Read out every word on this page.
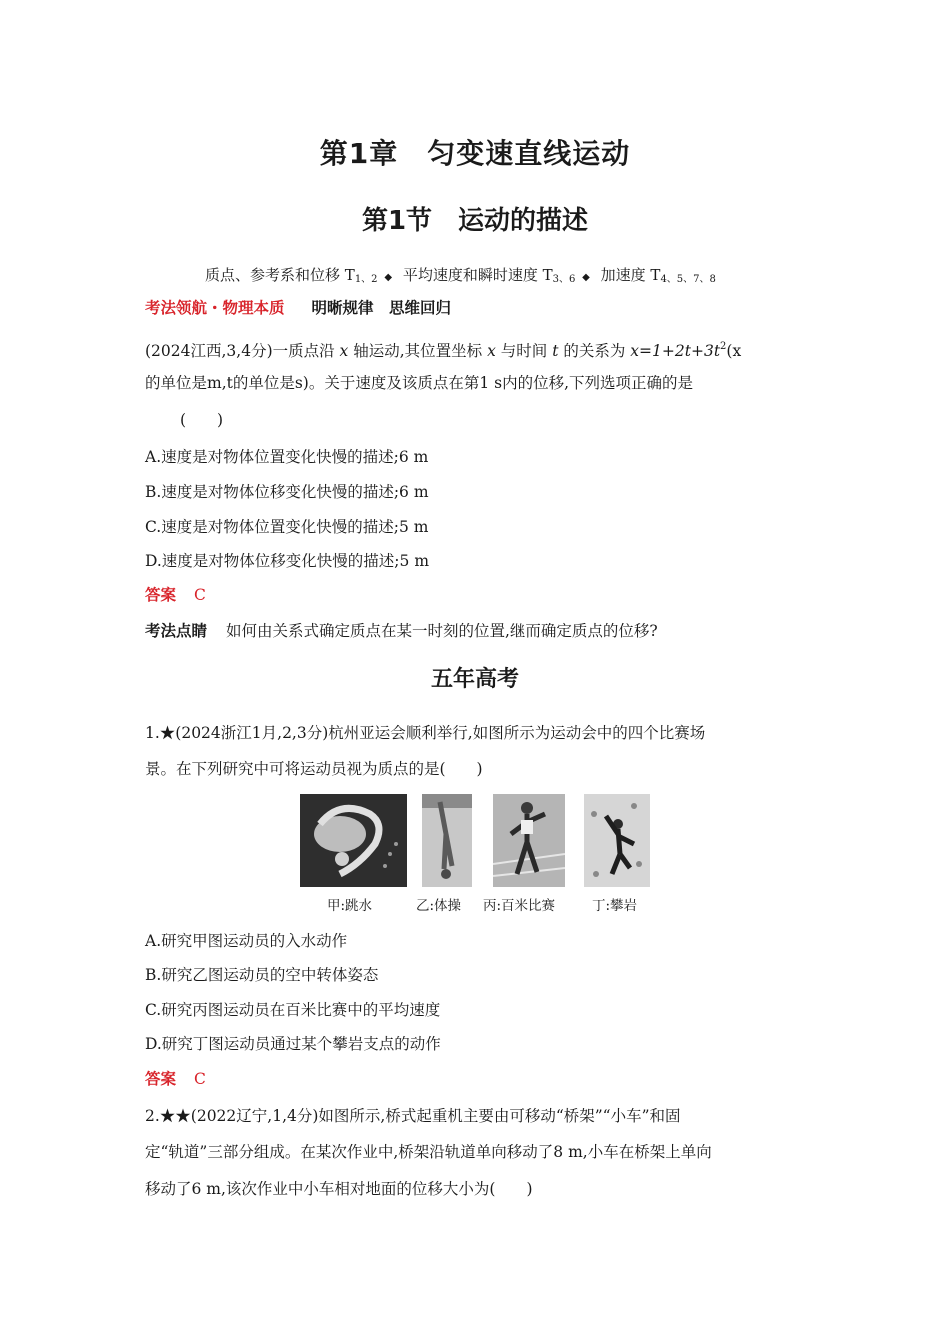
第1章　匀变速直线运动
第1节　运动的描述
质点、参考系和位移 $T_{1、2}$ ◆ 平均速度和瞬时速度 $T_{3、6}$ ◆ 加速度 $T_{4、5、7、8}$
考法领航・物理本质 明晰规律　思维回归
(2024江西,3,4分)一质点沿 x 轴运动,其位置坐标 x 与时间 t 的关系为 $x=1+2t+3t^2(x$
的单位是m,t的单位是s)。关于速度及该质点在第1 s内的位移,下列选项正确的是
(　　)
A.速度是对物体位置变化快慢的描述;6 m
B.速度是对物体位移变化快慢的描述;6 m
C.速度是对物体位置变化快慢的描述;5 m
D.速度是对物体位移变化快慢的描述;5 m
答案 C
考法点睛 如何由关系式确定质点在某一时刻的位置,继而确定质点的位移?
五年高考
1.★(2024浙江1月,2,3分)杭州亚运会顺利举行,如图所示为运动会中的四个比赛场
景。在下列研究中可将运动员视为质点的是(　　)
甲:跳水	乙:体操 丙:百米比赛	丁:攀岩
A.研究甲图运动员的入水动作
B.研究乙图运动员的空中转体姿态
C.研究丙图运动员在百米比赛中的平均速度
D.研究丁图运动员通过某个攀岩支点的动作
答案 C
2.★★(2022辽宁,1,4分)如图所示,桥式起重机主要由可移动“桥架”“小车”和固
定“轨道”三部分组成。在某次作业中,桥架沿轨道单向移动了8 m,小车在桥架上单向
移动了6 m,该次作业中小车相对地面的位移大小为(　　)
